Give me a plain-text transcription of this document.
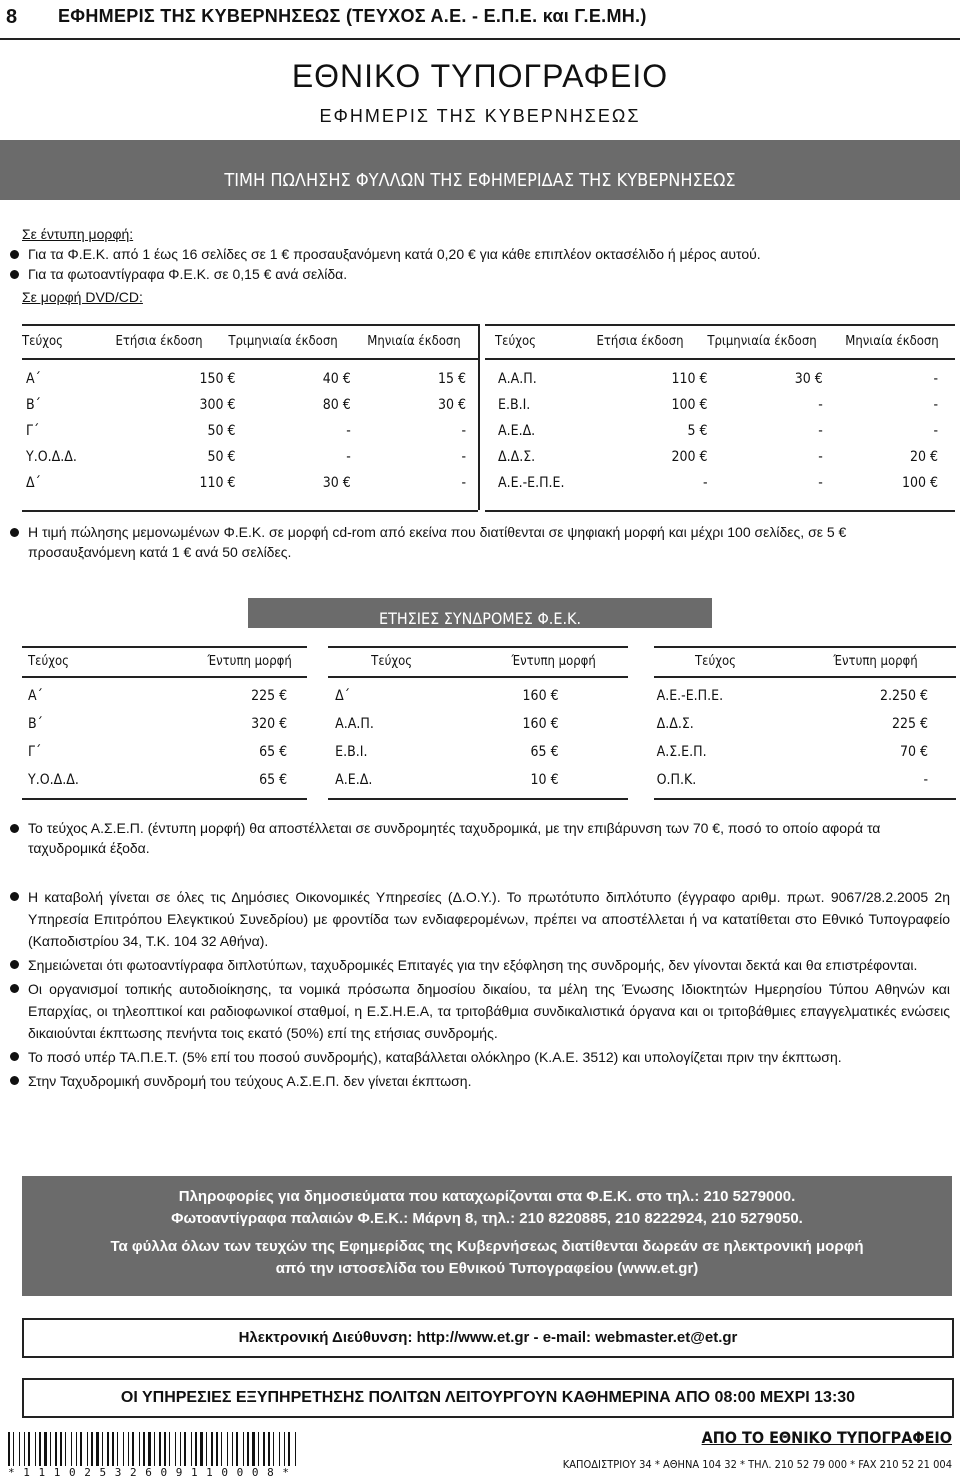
8 ΕΦΗΜΕΡΙΣ ΤΗΣ ΚΥΒΕΡΝΗΣΕΩΣ (ΤΕΥΧΟΣ Α.Ε. - Ε.Π.Ε. και Γ.Ε.ΜΗ.)
ΕΘΝΙΚΟ ΤΥΠΟΓΡΑΦΕΙΟ
ΕΦΗΜΕΡΙΣ ΤΗΣ ΚΥΒΕΡΝΗΣΕΩΣ
ΤΙΜΗ ΠΩΛΗΣΗΣ ΦΥΛΛΩΝ ΤΗΣ ΕΦΗΜΕΡΙΔΑΣ ΤΗΣ ΚΥΒΕΡΝΗΣΕΩΣ
Σε έντυπη μορφή:
Για τα Φ.Ε.Κ. από 1 έως 16 σελίδες σε 1 € προσαυξανόμενη κατά 0,20 € για κάθε επιπλέον οκτασέλιδο ή μέρος αυτού.
Για τα φωτοαντίγραφα Φ.Ε.Κ. σε 0,15 € ανά σελίδα.
Σε μορφή DVD/CD:
Τεύχος	Ετήσια έκδοση	Τριμηνιαία έκδοση	Μηνιαία έκδοση	Τεύχος	Ετήσια έκδοση	Τριμηνιαία έκδοση	Μηνιαία έκδοση
Α΄	150 €	40 €	15 €
Β΄	300 €	80 €	30 €
Γ΄	50 €	-	-
Υ.Ο.Δ.Δ.	50 €	-	-
Δ΄	110 €	30 €	-
Α.Α.Π.	110 €	30 €	-
Ε.Β.Ι.	100 €	-	-
Α.Ε.Δ.	5 €	-	-
Δ.Δ.Σ.	200 €	-	20 €
Α.Ε.-Ε.Π.Ε.	-	-	100 €
Η τιμή πώλησης μεμονωμένων Φ.Ε.Κ. σε μορφή cd-rom από εκείνα που διατίθενται σε ψηφιακή μορφή και μέχρι 100 σελίδες, σε 5 € προσαυξανόμενη κατά 1 € ανά 50 σελίδες.
ΕΤΗΣΙΕΣ ΣΥΝΔΡΟΜΕΣ Φ.Ε.Κ.
Τεύχος	Έντυπη μορφή	Τεύχος	Έντυπη μορφή	Τεύχος	Έντυπη μορφή
Α΄	225 €	Δ΄	160 €	Α.Ε.-Ε.Π.Ε.	2.250 €
Β΄	320 €	Α.Α.Π.	160 €	Δ.Δ.Σ.	225 €
Γ΄	65 €	Ε.Β.Ι.	65 €	Α.Σ.Ε.Π.	70 €
Υ.Ο.Δ.Δ.	65 €	Α.Ε.Δ.	10 €	Ο.Π.Κ.	-
Το τεύχος Α.Σ.Ε.Π. (έντυπη μορφή) θα αποστέλλεται σε συνδρομητές ταχυδρομικά, με την επιβάρυνση των 70 €, ποσό το οποίο αφορά τα ταχυδρομικά έξοδα.
Η καταβολή γίνεται σε όλες τις Δημόσιες Οικονομικές Υπηρεσίες (Δ.Ο.Υ.). Το πρωτότυπο διπλότυπο (έγγραφο αριθμ. πρωτ. 9067/28.2.2005 2η Υπηρεσία Επιτρόπου Ελεγκτικού Συνεδρίου) με φροντίδα των ενδιαφερομένων, πρέπει να αποστέλλεται ή να κατατίθεται στο Εθνικό Τυπογραφείο (Καποδιστρίου 34, Τ.Κ. 104 32 Αθήνα).
Σημειώνεται ότι φωτοαντίγραφα διπλοτύπων, ταχυδρομικές Επιταγές για την εξόφληση της συνδρομής, δεν γίνονται δεκτά και θα επιστρέφονται.
Οι οργανισμοί τοπικής αυτοδιοίκησης, τα νομικά πρόσωπα δημοσίου δικαίου, τα μέλη της Ένωσης Ιδιοκτητών Ημερησίου Τύπου Αθηνών και Επαρχίας, οι τηλεοπτικοί και ραδιοφωνικοί σταθμοί, η Ε.Σ.Η.Ε.Α, τα τριτοβάθμια συνδικαλιστικά όργανα και οι τριτοβάθμιες επαγγελματικές ενώσεις δικαιούνται έκπτωσης πενήντα τοις εκατό (50%) επί της ετήσιας συνδρομής.
Το ποσό υπέρ ΤΑ.Π.Ε.Τ. (5% επί του ποσού συνδρομής), καταβάλλεται ολόκληρο (Κ.Α.Ε. 3512) και υπολογίζεται πριν την έκπτωση.
Στην Ταχυδρομική συνδρομή του τεύχους Α.Σ.Ε.Π. δεν γίνεται έκπτωση.
Πληροφορίες για δημοσιεύματα που καταχωρίζονται στα Φ.Ε.Κ. στο τηλ.: 210 5279000.
Φωτοαντίγραφα παλαιών Φ.Ε.Κ.: Μάρνη 8, τηλ.: 210 8220885, 210 8222924, 210 5279050.
Τα φύλλα όλων των τευχών της Εφημερίδας της Κυβερνήσεως διατίθενται δωρεάν σε ηλεκτρονική μορφή
από την ιστοσελίδα του Εθνικού Τυπογραφείου (www.et.gr)
Ηλεκτρονική Διεύθυνση: http://www.et.gr - e-mail: webmaster.et@et.gr
ΟΙ ΥΠΗΡΕΣΙΕΣ ΕΞΥΠΗΡΕΤΗΣΗΣ ΠΟΛΙΤΩΝ ΛΕΙΤΟΥΡΓΟΥΝ ΚΑΘΗΜΕΡΙΝΑ ΑΠΟ 08:00 ΜΕΧΡΙ 13:30
* 1 1 1 0 2 5 3 2 6 0 9 1 1 0 0 0 8 *
ΑΠΟ ΤΟ ΕΘΝΙΚΟ ΤΥΠΟΓΡΑΦΕΙΟ
ΚΑΠΟΔΙΣΤΡΙΟΥ 34 * ΑΘΗΝΑ 104 32 * ΤΗΛ. 210 52 79 000 * FAX 210 52 21 004
